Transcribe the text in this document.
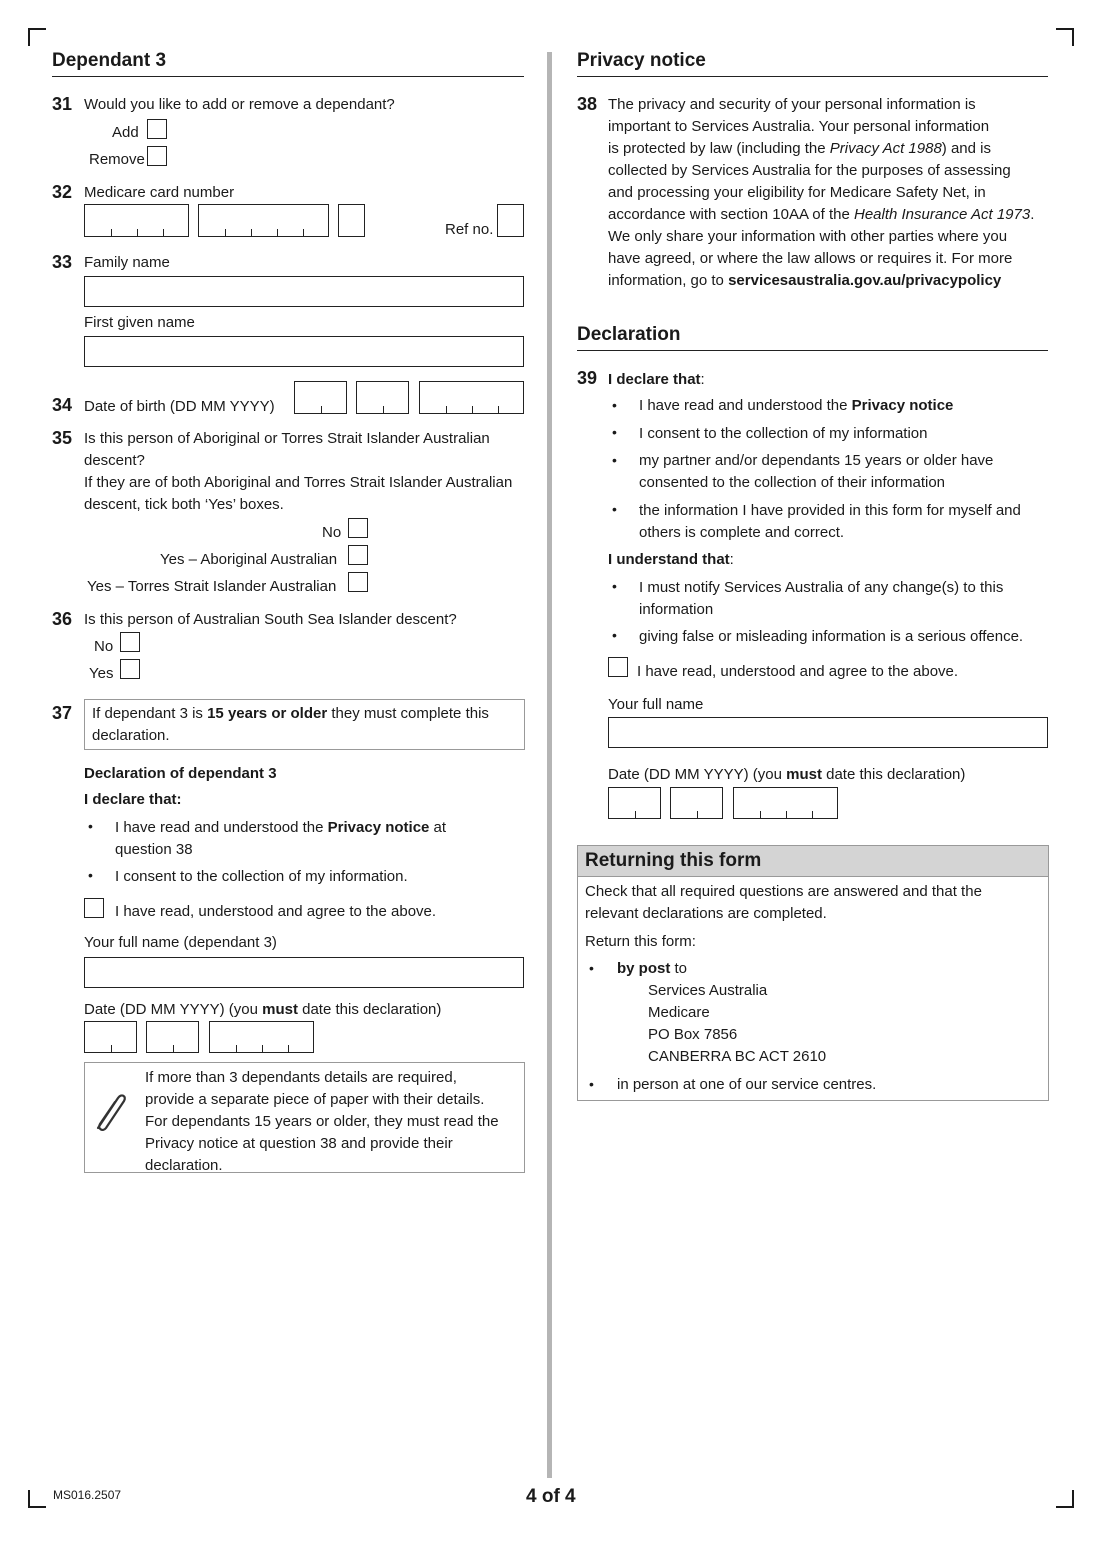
Dependant 3
31 Would you like to add or remove a dependant?
Add
Remove
32 Medicare card number
Ref no.
33 Family name
First given name
34 Date of birth (DD MM YYYY)
35 Is this person of Aboriginal or Torres Strait Islander Australian
descent?
If they are of both Aboriginal and Torres Strait Islander Australian
descent, tick both ‘Yes’ boxes.
No
Yes – Aboriginal Australian
Yes – Torres Strait Islander Australian
36 Is this person of Australian South Sea Islander descent?
No
Yes
37 If dependant 3 is 15 years or older they must complete this
declaration.
Declaration of dependant 3
I declare that:
• I have read and understood the Privacy notice at
question 38
• I consent to the collection of my information.
I have read, understood and agree to the above.
Your full name (dependant 3)
Date (DD MM YYYY) (you must date this declaration)
If more than 3 dependants details are required,
provide a separate piece of paper with their details.
For dependants 15 years or older, they must read the
Privacy notice at question 38 and provide their
declaration.
Privacy notice
38 The privacy and security of your personal information is
important to Services Australia. Your personal information
is protected by law (including the Privacy Act 1988) and is
collected by Services Australia for the purposes of assessing
and processing your eligibility for Medicare Safety Net, in
accordance with section 10AA of the Health Insurance Act 1973.
We only share your information with other parties where you
have agreed, or where the law allows or requires it. For more
information, go to servicesaustralia.gov.au/privacypolicy
Declaration
39 I declare that:
• I have read and understood the Privacy notice
• I consent to the collection of my information
• my partner and/or dependants 15 years or older have
consented to the collection of their information
• the information I have provided in this form for myself and
others is complete and correct.
I understand that:
• I must notify Services Australia of any change(s) to this
information
• giving false or misleading information is a serious offence.
I have read, understood and agree to the above.
Your full name
Date (DD MM YYYY) (you must date this declaration)
Returning this form
Check that all required questions are answered and that the
relevant declarations are completed.
Return this form:
• by post to
Services Australia
Medicare
PO Box 7856
CANBERRA BC ACT 2610
• in person at one of our service centres.
MS016.2507	4 of 4
